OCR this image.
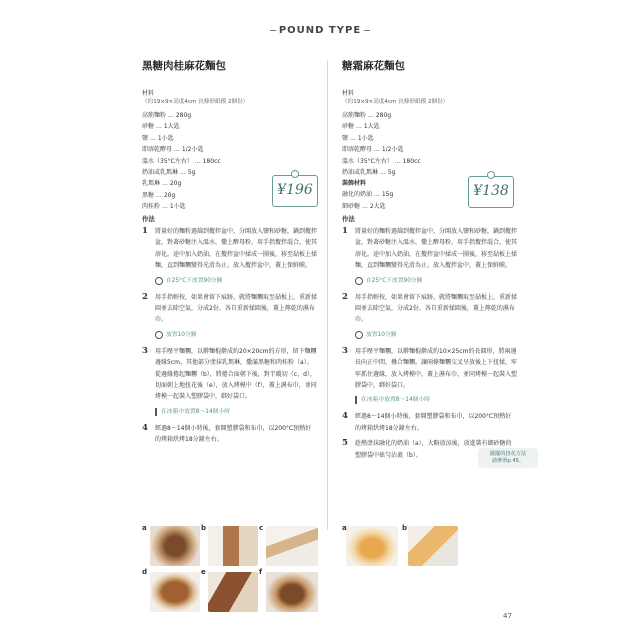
POUND TYPE
黑糖肉桂麻花麵包
材料
（約19×9×高度4cm 長條形紙模 2個份）
高筋麵粉 … 280g
砂糖 … 1大匙
鹽 … 1小匙
即溶乾酵母 … 1/2小匙
溫水（35°C左右） … 180cc
奶油或乳瑪琳 … 5g
乳瑪琳 … 20g
黑糖 … 20g
肉桂粉 … 1小匙
¥196
作法
1	將量好的麵粉過篩到攪拌盆中，分開放入鹽和砂糖，鍋到攪拌盆，對著砂糖注入溫水，撒上酵母粉。用手指攪拌混合，使其溶化。途中加入奶油，在攪拌盆中揉成一團後，移至砧板上揉麵，直到麵糰變得光滑為止。放入攪拌盆中，蓋上保鮮膜。
在25°C下放置90分鐘
2	用手指輕按，如果會留下痕跡，就將麵糰取至砧板上，重新揉圓並去除空氣，分成2份。各自重新揉圓後，蓋上擰乾的濕布巾。
放置10分鐘
3	用手壓平麵糰，以擀麵棍擀成約20×20cm的方形，留下麵糰邊緣5cm，其他部分塗抹乳瑪琳，撒滿黑糖和肉桂粉（a）。從邊緣捲起麵糰（b），將捲合面朝下後，對半縱切（c、d），切面朝上地扭花後（e），放入烤模中（f），蓋上濕布巾，並同烤模一起裝入塑膠袋中，綁好袋口。
在冰箱中放置8～14個小時
4	經過8～14個小時後，套開塑膠袋和布巾，以200°C預熱好的烤箱烘烤18分鐘左右。
糖霜麻花麵包
材料
（約19×9×高度4cm 長條形紙模 2個份）
高筋麵粉 … 280g
砂糖 … 1大匙
鹽 … 1小匙
即溶乾酵母 … 1/2小匙
溫水（35°C左右） … 180cc
奶油或乳瑪琳 … 5g
裝飾材料
融化的奶油 … 15g
細砂糖 … 2大匙
¥138
作法
1	將量好的麵粉過篩到攪拌盆中，分開放入鹽和砂糖，鍋到攪拌盆，對著砂糖注入溫水，撒上酵母粉。用手指攪拌混合，使其溶化。途中加入奶油，在攪拌盆中揉成一團後，移至砧板上揉麵，直到麵糰變得光滑為止。放入攪拌盆中，蓋上保鮮膜。
在25°C下放置90分鐘
2	用手指輕按，如果會留下痕跡，就將麵糰取至砧板上，重新揉圓並去除空氣，分成2份。各自重新揉圓後，蓋上擰乾的濕布巾。
放置10分鐘
3	用手壓平麵糰，以擀麵棍擀成約10×25cm的長圓形，將兩邊長向正中間，疊合麵糰。讓兩條麵糰交叉呈放後上下扭揉，牢牢抓住邊緣，放入烤模中，蓋上濕布巾，並同烤模一起裝入塑膠袋中，綁好袋口。
在冰箱中放置8～14個小時
4	經過8～14個小時後，套開塑膠袋和布巾，以200°C預熱好的烤箱烘烤18分鐘左右。
5	趁熱塗抹融化的奶油（a），大略放涼後，放進裝有細砂糖的塑膠袋中搖勻沾裹（b）。	擺擺的扭花方法
請參照p.45。
a	b	c
d	e	f
a	b
47
